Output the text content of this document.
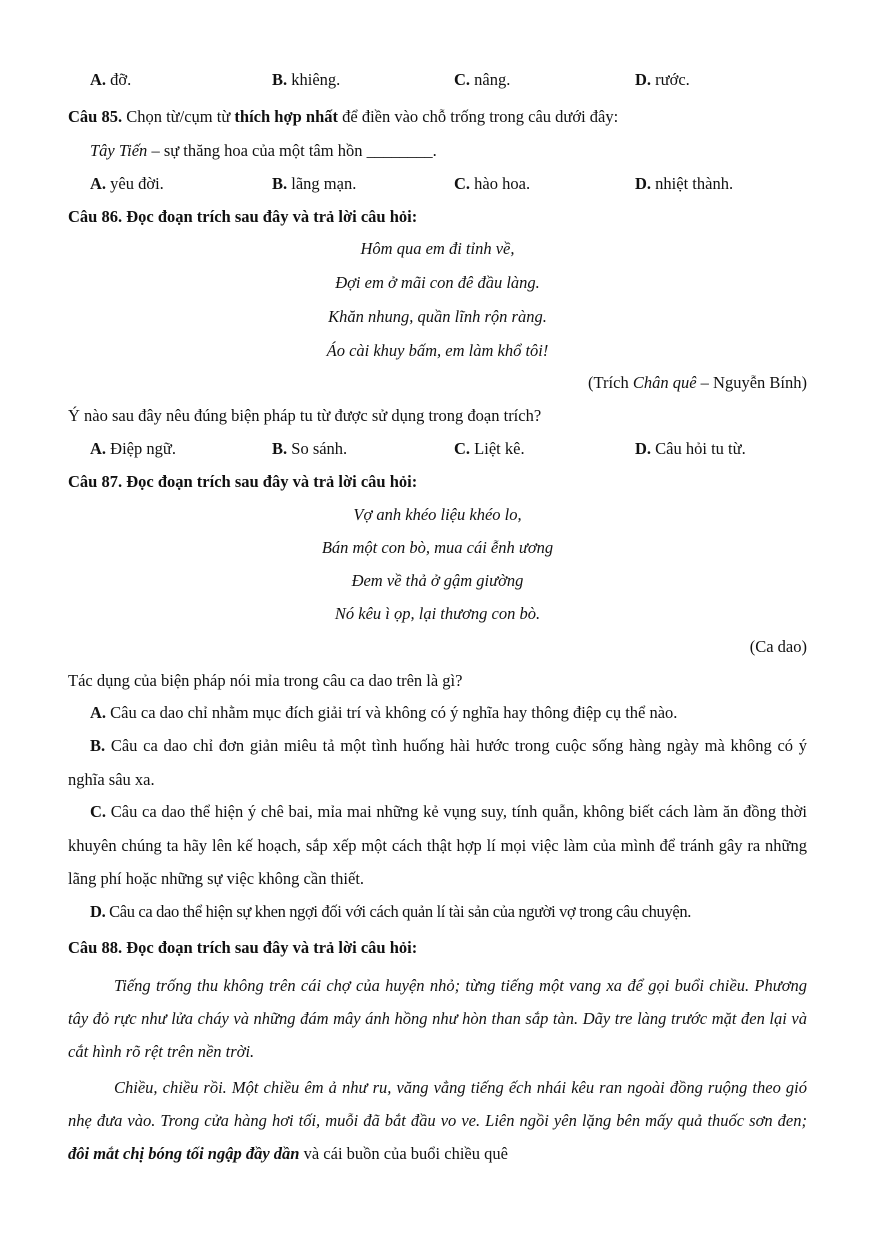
A. đỡ.	B. khiêng.	C. nâng.	D. rước.
Câu 85. Chọn từ/cụm từ thích hợp nhất để điền vào chỗ trống trong câu dưới đây:
Tây Tiến – sự thăng hoa của một tâm hồn ________.
A. yêu đời.	B. lãng mạn.	C. hào hoa.	D. nhiệt thành.
Câu 86. Đọc đoạn trích sau đây và trả lời câu hỏi:
Hôm qua em đi tỉnh về,
Đợi em ở mãi con đê đầu làng.
Khăn nhung, quần lĩnh rộn ràng.
Áo cài khuy bấm, em làm khổ tôi!
(Trích Chân quê – Nguyễn Bính)
Ý nào sau đây nêu đúng biện pháp tu từ được sử dụng trong đoạn trích?
A. Điệp ngữ.	B. So sánh.	C. Liệt kê.	D. Câu hỏi tu từ.
Câu 87. Đọc đoạn trích sau đây và trả lời câu hỏi:
Vợ anh khéo liệu khéo lo,
Bán một con bò, mua cái ễnh ương
Đem về thả ở gậm giường
Nó kêu ì ọp, lại thương con bò.
(Ca dao)
Tác dụng của biện pháp nói mỉa trong câu ca dao trên là gì?
A. Câu ca dao chỉ nhằm mục đích giải trí và không có ý nghĩa hay thông điệp cụ thể nào.
B. Câu ca dao chỉ đơn giản miêu tả một tình huống hài hước trong cuộc sống hàng ngày mà không có ý nghĩa sâu xa.
C. Câu ca dao thể hiện ý chê bai, mỉa mai những kẻ vụng suy, tính quẫn, không biết cách làm ăn đồng thời khuyên chúng ta hãy lên kế hoạch, sắp xếp một cách thật hợp lí mọi việc làm của mình để tránh gây ra những lãng phí hoặc những sự việc không cần thiết.
D. Câu ca dao thể hiện sự khen ngợi đối với cách quản lí tài sản của người vợ trong câu chuyện.
Câu 88. Đọc đoạn trích sau đây và trả lời câu hỏi:
Tiếng trống thu không trên cái chợ của huyện nhỏ; từng tiếng một vang xa để gọi buổi chiều. Phương tây đỏ rực như lửa cháy và những đám mây ánh hồng như hòn than sắp tàn. Dãy tre làng trước mặt đen lại và cắt hình rõ rệt trên nền trời.
Chiều, chiều rồi. Một chiều êm ả như ru, văng vẳng tiếng ếch nhái kêu ran ngoài đồng ruộng theo gió nhẹ đưa vào. Trong cửa hàng hơi tối, muỗi đã bắt đầu vo ve. Liên ngồi yên lặng bên mấy quả thuốc sơn đen; đôi mắt chị bóng tối ngập đầy dần và cái buồn của buổi chiều quê
